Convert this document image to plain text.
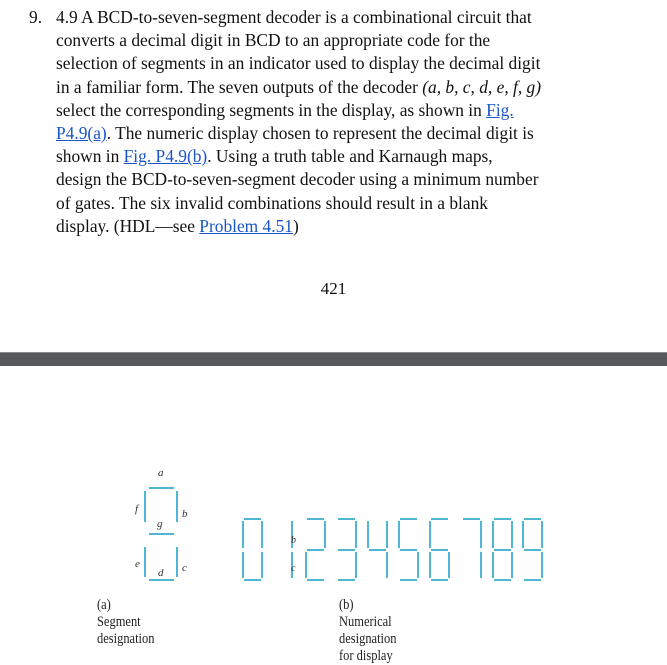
9. 4.9 A BCD-to-seven-segment decoder is a combinational circuit that
converts a decimal digit in BCD to an appropriate code for the
selection of segments in an indicator used to display the decimal digit
in a familiar form. The seven outputs of the decoder (a, b, c, d, e, f, g)
select the corresponding segments in the display, as shown in Fig.
P4.9(a). The numeric display chosen to represent the decimal digit is
shown in Fig. P4.9(b). Using a truth table and Karnaugh maps,
design the BCD-to-seven-segment decoder using a minimum number
of gates. The six invalid combinations should result in a blank
display. (HDL—see Problem 4.51)
421
a
b
c
d
e
f
g
b
c
(a) Segment designation
(b) Numerical designation for display
